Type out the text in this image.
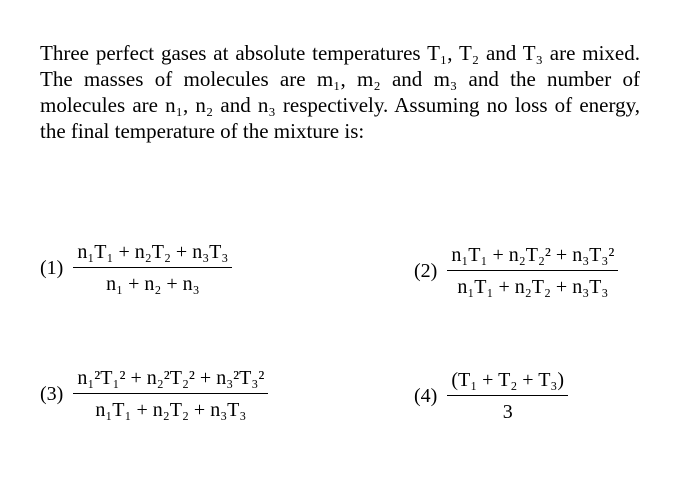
Three perfect gases at absolute temperatures T₁, T₂ and T₃ are mixed. The masses of molecules are m₁, m₂ and m₃ and the number of molecules are n₁, n₂ and n₃ respectively. Assuming no loss of energy, the final temperature of the mixture is:
$(1) \frac{\text{n₁T₁ + n₂T₂ + n₃T₃}}{\text{n₁ + n₂ + n₃}}$	$(2) \frac{\text{n₁T₁ + n₂T₂² + n₃T₃²}}{\text{n₁T₁ + n₂T₂ + n₃T₃}}$
$(3) \frac{\text{n₁²T₁² + n₂²T₂² + n₃²T₃²}}{\text{n₁T₁ + n₂T₂ + n₃T₃}}$	$(4) \frac{\text{(T₁ + T₂ + T₃)}}{3}$
